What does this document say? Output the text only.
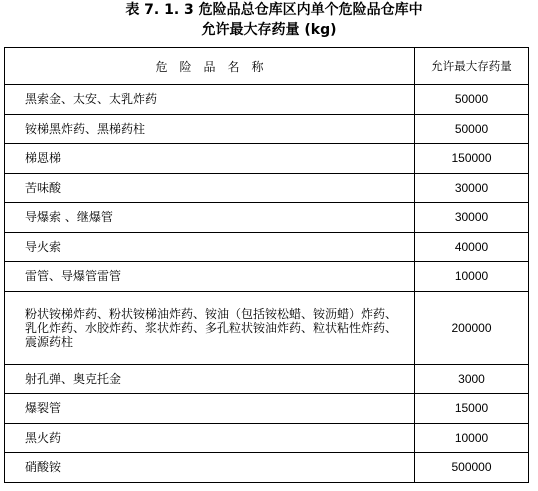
表 7. 1. 3 危险品总仓库区内单个危险品仓库中
允许最大存药量 (kg)
危险品名称	允许最大存药量
黑索金、太安、太乳炸药	50000
铵梯黑炸药、黑梯药柱	50000
梯恩梯	150000
苦味酸	30000
导爆索 、继爆管	30000
导火索	40000
雷管、导爆管雷管	10000
粉状铵梯炸药、粉状铵梯油炸药、铵油（包括铵松蜡、铵沥蜡）炸药、乳化炸药、水胶炸药、浆状炸药、多孔粒状铵油炸药、粒状粘性炸药、震源药柱	200000
射孔弹、奥克托金	3000
爆裂管	15000
黑火药	10000
硝酸铵	500000
